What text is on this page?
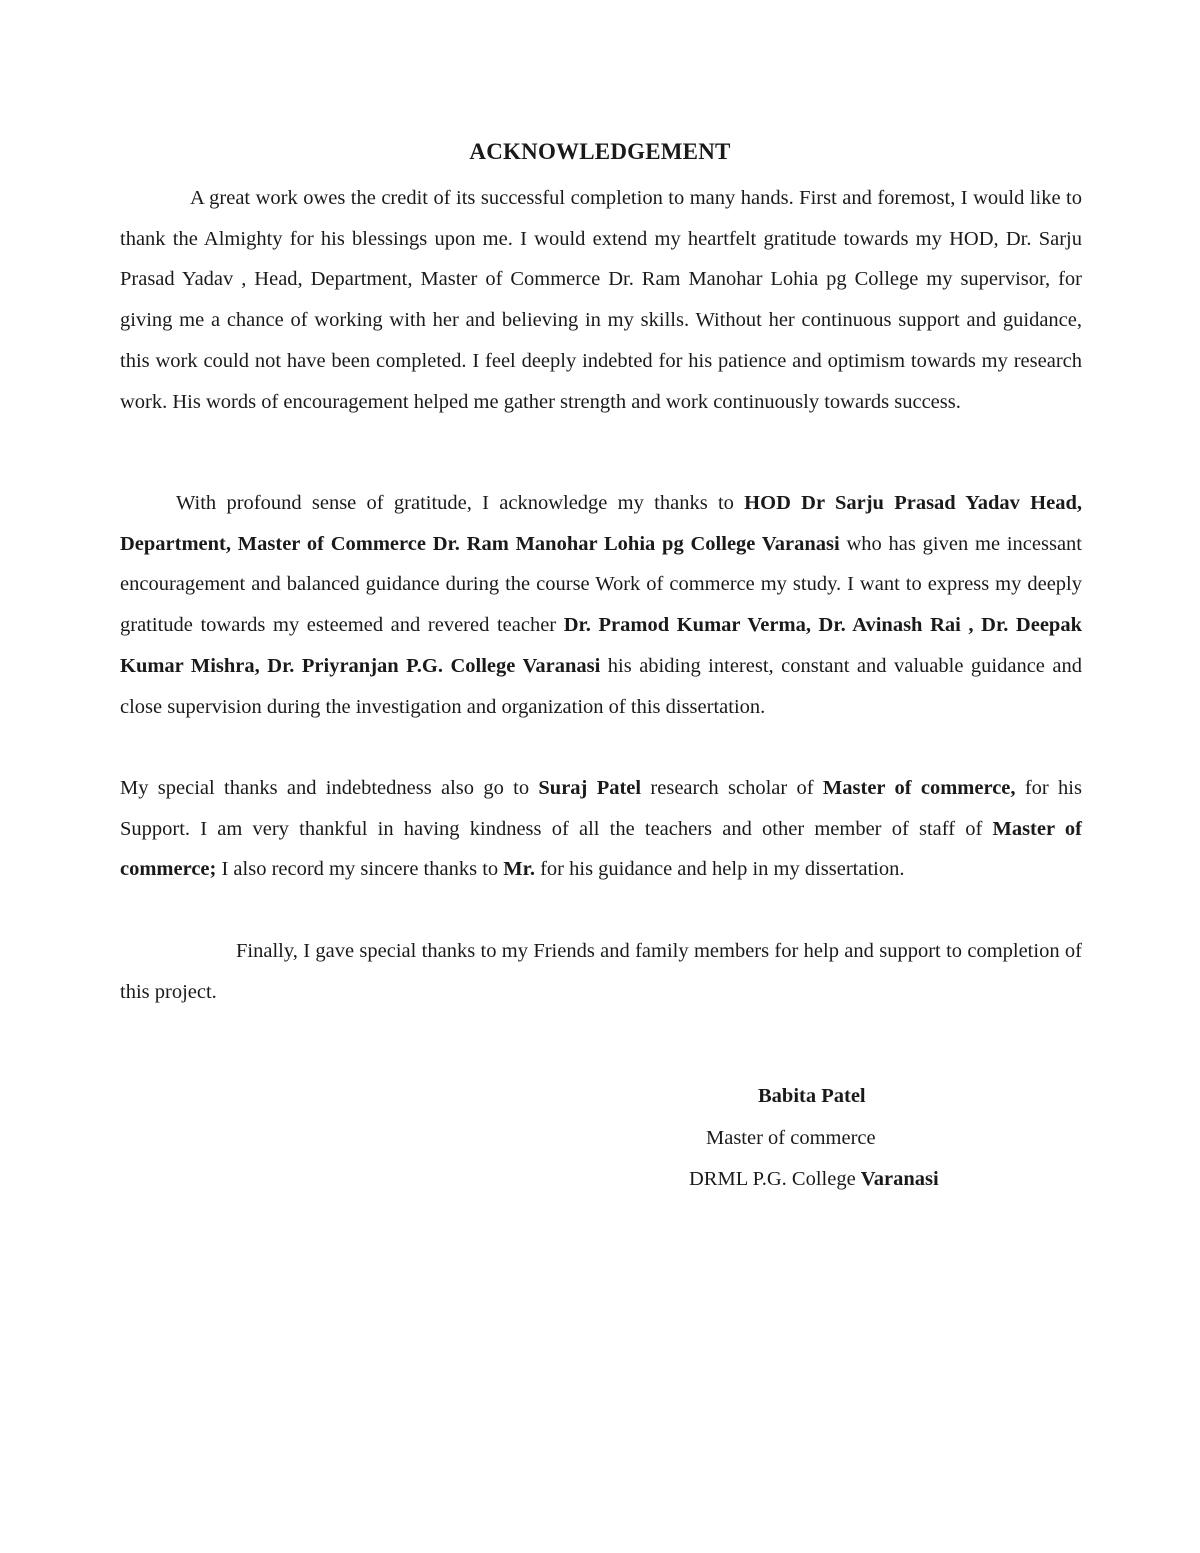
ACKNOWLEDGEMENT

A great work owes the credit of its successful completion to many hands. First and foremost, I would like to thank the Almighty for his blessings upon me. I would extend my heartfelt gratitude towards my HOD, Dr. Sarju Prasad Yadav , Head, Department, Master of Commerce Dr. Ram Manohar Lohia pg College my supervisor, for giving me a chance of working with her and believing in my skills. Without her continuous support and guidance, this work could not have been completed. I feel deeply indebted for his patience and optimism towards my research work. His words of encouragement helped me gather strength and work continuously towards success.

With profound sense of gratitude, I acknowledge my thanks to HOD Dr Sarju Prasad Yadav Head, Department, Master of Commerce Dr. Ram Manohar Lohia pg College Varanasi who has given me incessant encouragement and balanced guidance during the course Work of commerce my study. I want to express my deeply gratitude towards my esteemed and revered teacher Dr. Pramod Kumar Verma, Dr. Avinash Rai , Dr. Deepak Kumar Mishra, Dr. Priyranjan P.G. College Varanasi his abiding interest, constant and valuable guidance and close supervision during the investigation and organization of this dissertation.

My special thanks and indebtedness also go to Suraj Patel research scholar of Master of commerce, for his Support. I am very thankful in having kindness of all the teachers and other member of staff of Master of commerce; I also record my sincere thanks to Mr. for his guidance and help in my dissertation.

Finally, I gave special thanks to my Friends and family members for help and support to completion of this project.

Babita Patel
Master of commerce
DRML P.G. College Varanasi
